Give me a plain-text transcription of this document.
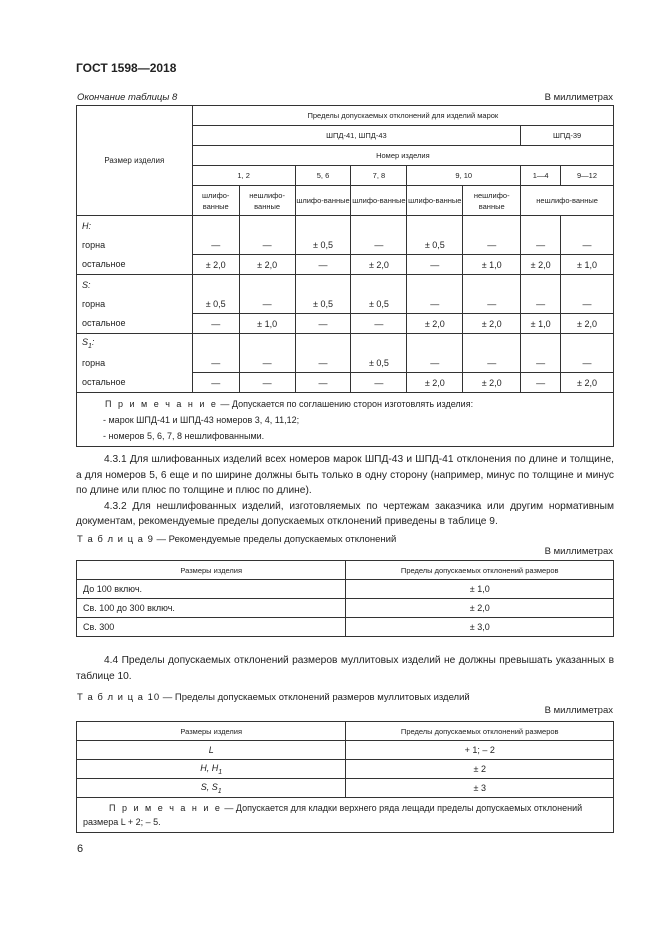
ГОСТ 1598—2018
Окончание таблицы 8	В миллиметрах
Размер изделия	Пределы допускаемых отклонений для изделий марок							
	ШПД-41, ШПД-43						ШПД-39	
	Номер изделия							
	1, 2		5, 6	7, 8	9, 10		1—4	9—12
	шлифо-ванные	нешлифо-ванные	шлифо-ванные	шлифо-ванные	шлифо-ванные	нешлифо-ванные	нешлифо-ванные	
H:								
горна	—	—	± 0,5	—	± 0,5	—	—	—
остальное	± 2,0	± 2,0	—	± 2,0	—	± 1,0	± 2,0	± 1,0
S:								
горна	± 0,5	—	± 0,5	± 0,5	—	—	—	—
остальное	—	± 1,0	—	—	± 2,0	± 2,0	± 1,0	± 2,0
$S_1$:								
горна	—	—	—	± 0,5	—	—	—	—
остальное	—	—	—	—	± 2,0	± 2,0	—	± 2,0

П р и м е ч а н и е — Допускается по соглашению сторон изготовлять изделия:

- марок ШПД-41 и ШПД-43 номеров 3, 4, 11,12;

- номеров 5, 6, 7, 8 нешлифованными.								

4.3.1 Для шлифованных изделий всех номеров марок ШПД-43 и ШПД-41 отклонения по длине и толщине, а для номеров 5, 6 еще и по ширине должны быть только в одну сторону (например, минус по толщине и минус по длине или плюс по толщине и плюс по длине).

4.3.2 Для нешлифованных изделий, изготовляемых по чертежам заказчика или другим нормативным документам, рекомендуемые пределы допускаемых отклонений приведены в таблице 9.

Т а б л и ц а 9 — Рекомендуемые пределы допускаемых отклонений
В миллиметрах
Размеры изделия	Пределы допускаемых отклонений размеров
До 100 включ.	± 1,0
Св. 100 до 300 включ.	± 2,0
Св. 300	± 3,0

4.4 Пределы допускаемых отклонений размеров муллитовых изделий не должны превышать указанных в таблице 10.

Т а б л и ц а 10 — Пределы допускаемых отклонений размеров муллитовых изделий
В миллиметрах
Размеры изделия	Пределы допускаемых отклонений размеров
L	+ 1; – 2
H, $H_1$	± 2
S, $S_1$	± 3
П р и м е ч а н и е — Допускается для кладки верхнего ряда лещади пределы допускаемых отклонений размера L + 2; – 5.	
6
